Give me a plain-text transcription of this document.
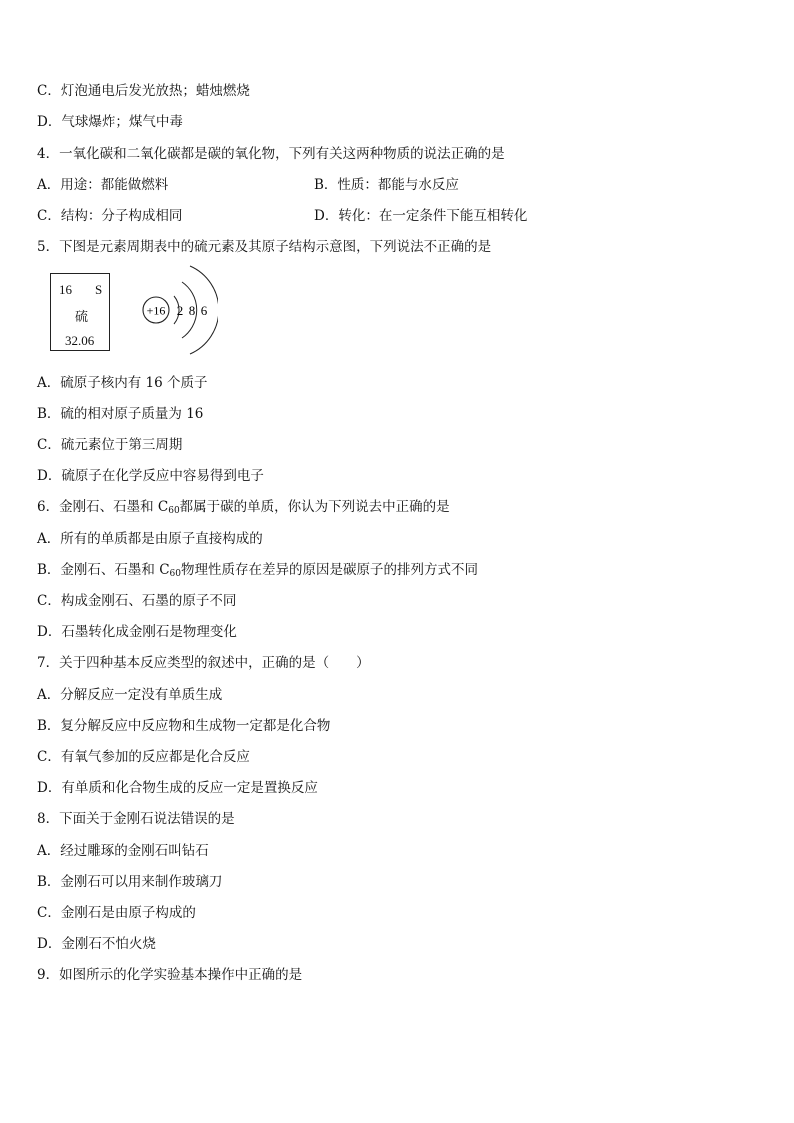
C．灯泡通电后发光放热；蜡烛燃烧
D．气球爆炸；煤气中毒
4．一氧化碳和二氧化碳都是碳的氧化物，下列有关这两种物质的说法正确的是
A．用途：都能做燃料	B．性质：都能与水反应
C．结构：分子构成相同	D．转化：在一定条件下能互相转化
5．下图是元素周期表中的硫元素及其原子结构示意图，下列说法不正确的是
16 S
硫
32.06
+16 2 8 6
A．硫原子核内有 16 个质子
B．硫的相对原子质量为 16
C．硫元素位于第三周期
D．硫原子在化学反应中容易得到电子
6．金刚石、石墨和 $C_{60}$都属于碳的单质，你认为下列说去中正确的是
A．所有的单质都是由原子直接构成的
B．金刚石、石墨和 $C_{60}$物理性质存在差异的原因是碳原子的排列方式不同
C．构成金刚石、石墨的原子不同
D．石墨转化成金刚石是物理变化
7．关于四种基本反应类型的叙述中，正确的是（　　）
A．分解反应一定没有单质生成
B．复分解反应中反应物和生成物一定都是化合物
C．有氧气参加的反应都是化合反应
D．有单质和化合物生成的反应一定是置换反应
8．下面关于金刚石说法错误的是
A．经过雕琢的金刚石叫钻石
B．金刚石可以用来制作玻璃刀
C．金刚石是由原子构成的
D．金刚石不怕火烧
9．如图所示的化学实验基本操作中正确的是
